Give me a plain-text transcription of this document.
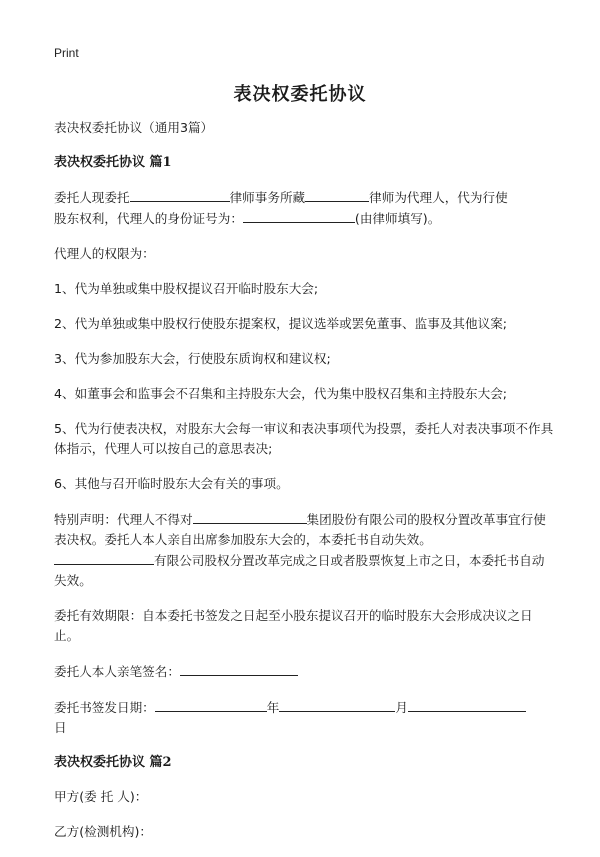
Print
表决权委托协议

表决权委托协议（通用3篇）

表决权委托协议 篇1

委托人现委托	律师事务所藏	律师为代理人，代为行使
股东权利，代理人的身份证号为：	(由律师填写)。

代理人的权限为：

1、代为单独或集中股权提议召开临时股东大会;

2、代为单独或集中股权行使股东提案权，提议选举或罢免董事、监事及其他议案;

3、代为参加股东大会，行使股东质询权和建议权;

4、如董事会和监事会不召集和主持股东大会，代为集中股权召集和主持股东大会;

5、代为行使表决权，对股东大会每一审议和表决事项代为投票，委托人对表决事项不作具体指示，代理人可以按自己的意思表决;

6、其他与召开临时股东大会有关的事项。

特别声明：代理人不得对	集团股份有限公司的股权分置改革事宜行使表决权。委托人本人亲自出席参加股东大会的，本委托书自动失效。
有限公司股权分置改革完成之日或者股票恢复上市之日，本委托书自动失效。

委托有效期限：自本委托书签发之日起至小股东提议召开的临时股东大会形成决议之日止。

委托人本人亲笔签名：

委托书签发日期：	年	月
日

表决权委托协议 篇2

甲方(委 托 人)：

乙方(检测机构)：
